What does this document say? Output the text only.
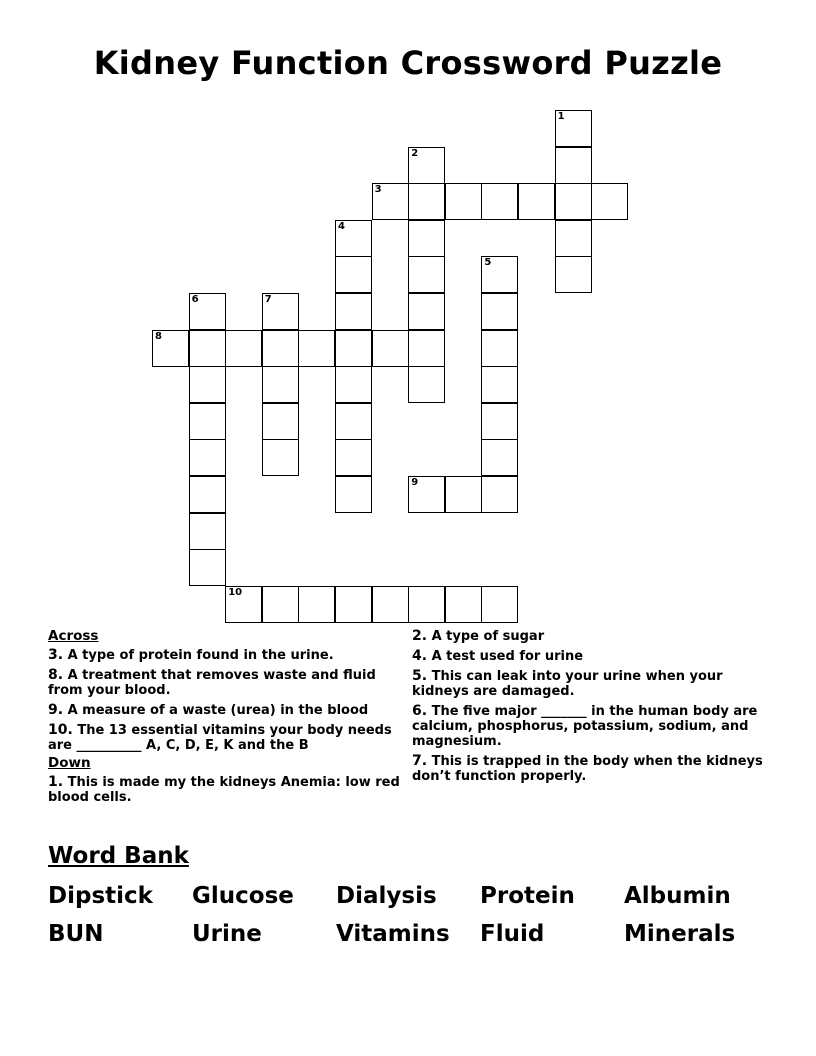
Kidney Function Crossword Puzzle
1
2
3
4
5
6	7
8
9
10
Across
3. A type of protein found in the urine.
8. A treatment that removes waste and fluid from your blood.
9. A measure of a waste (urea) in the blood
10. The 13 essential vitamins your body needs are __________ A, C, D, E, K and the B
Down
1. This is made my the kidneys Anemia: low red blood cells.
2. A type of sugar
4. A test used for urine
5. This can leak into your urine when your kidneys are damaged.
6. The five major _______ in the human body are calcium, phosphorus, potassium, sodium, and magnesium.
7. This is trapped in the body when the kidneys don’t function properly.
Word Bank
Dipstick	Glucose	Dialysis	Protein	Albumin
BUN	Urine	Vitamins	Fluid	Minerals
